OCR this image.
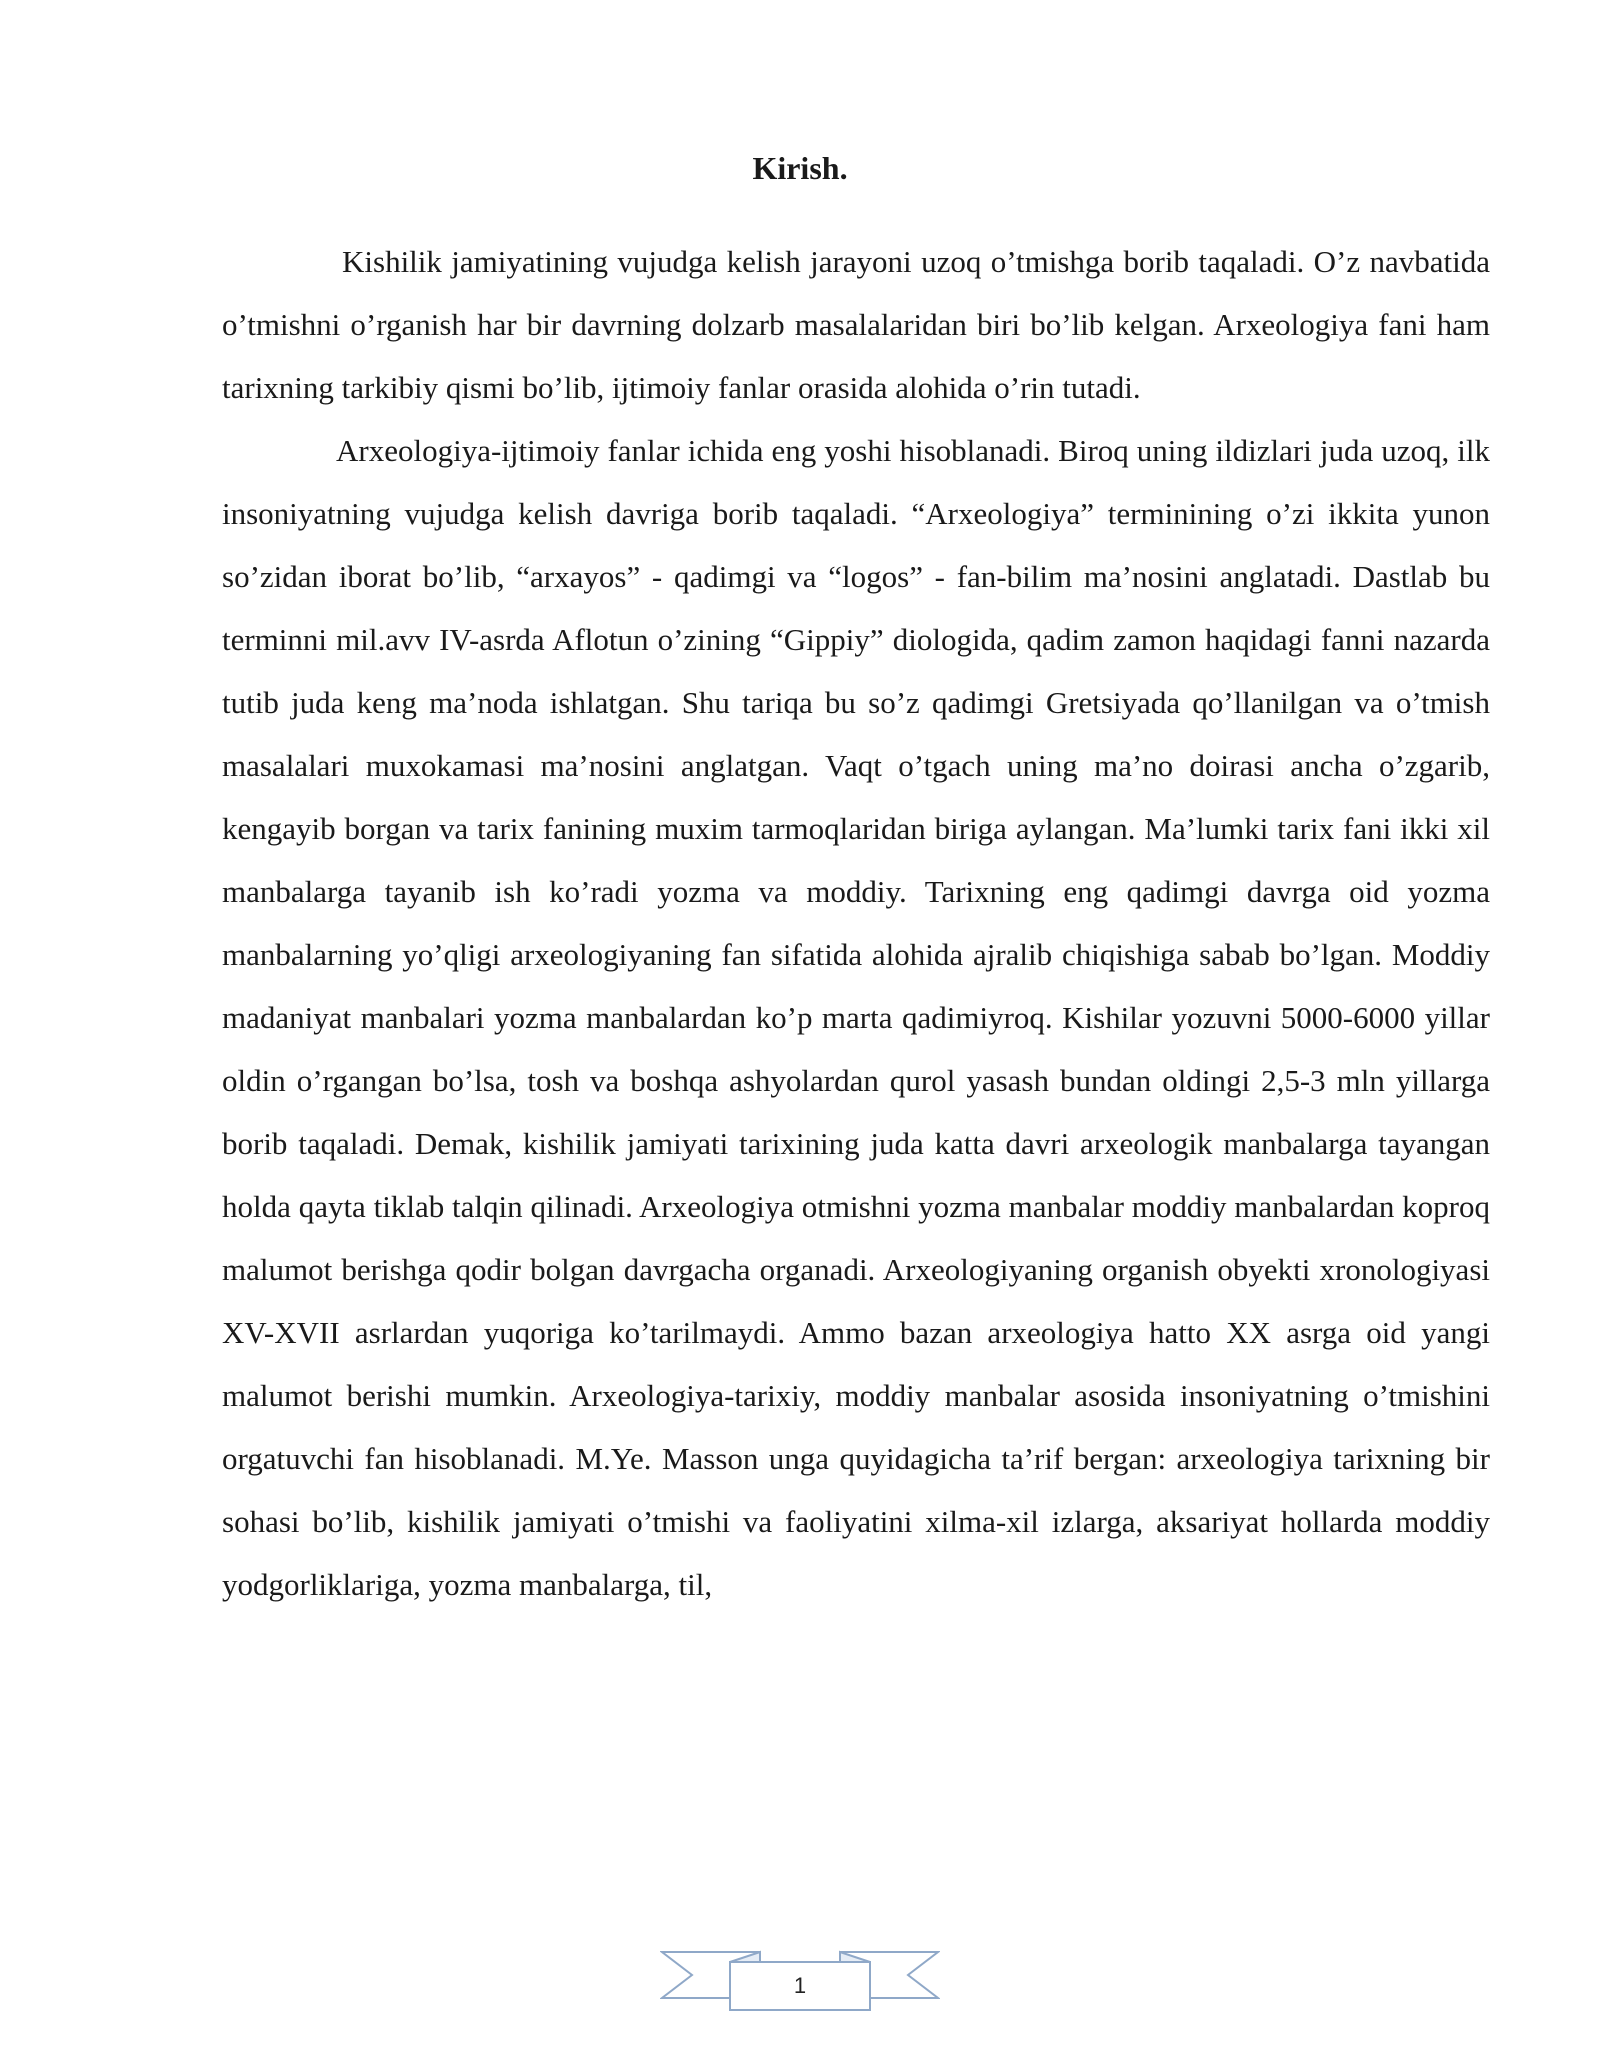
Kirish.

Kishilik jamiyatining vujudga kelish jarayoni uzoq o’tmishga borib taqaladi. O’z navbatida o’tmishni o’rganish har bir davrning dolzarb masalalaridan biri bo’lib kelgan. Arxeologiya fani ham tarixning tarkibiy qismi bo’lib, ijtimoiy fanlar orasida alohida o’rin tutadi.

Arxeologiya-ijtimoiy fanlar ichida eng yoshi hisoblanadi. Biroq uning ildizlari juda uzoq, ilk insoniyatning vujudga kelish davriga borib taqaladi. “Arxeologiya” terminining o’zi ikkita yunon so’zidan iborat bo’lib, “arxayos” - qadimgi va “logos” - fan-bilim ma’nosini anglatadi. Dastlab bu terminni mil.avv IV-asrda Aflotun o’zining “Gippiy” diologida, qadim zamon haqidagi fanni nazarda tutib juda keng ma’noda ishlatgan. Shu tariqa bu so’z qadimgi Gretsiyada qo’llanilgan va o’tmish masalalari muxokamasi ma’nosini anglatgan. Vaqt o’tgach uning ma’no doirasi ancha o’zgarib, kengayib borgan va tarix fanining muxim tarmoqlaridan biriga aylangan. Ma’lumki tarix fani ikki xil manbalarga tayanib ish ko’radi yozma va moddiy. Tarixning eng qadimgi davrga oid yozma manbalarning yo’qligi arxeologiyaning fan sifatida alohida ajralib chiqishiga sabab bo’lgan. Moddiy madaniyat manbalari yozma manbalardan ko’p marta qadimiyroq. Kishilar yozuvni 5000-6000 yillar oldin o’rgangan bo’lsa, tosh va boshqa ashyolardan qurol yasash bundan oldingi 2,5-3 mln yillarga borib taqaladi. Demak, kishilik jamiyati tarixining juda katta davri arxeologik manbalarga tayangan holda qayta tiklab talqin qilinadi. Arxeologiya otmishni yozma manbalar moddiy manbalardan koproq malumot berishga qodir bolgan davrgacha organadi. Arxeologiyaning organish obyekti xronologiyasi XV-XVII asrlardan yuqoriga ko’tarilmaydi. Ammo bazan arxeologiya hatto XX asrga oid yangi malumot berishi mumkin. Arxeologiya-tarixiy, moddiy manbalar asosida insoniyatning o’tmishini orgatuvchi fan hisoblanadi. M.Ye. Masson unga quyidagicha ta’rif bergan: arxeologiya tarixning bir sohasi bo’lib, kishilik jamiyati o’tmishi va faoliyatini xilma-xil izlarga, aksariyat hollarda moddiy yodgorliklariga, yozma manbalarga, til,

1
